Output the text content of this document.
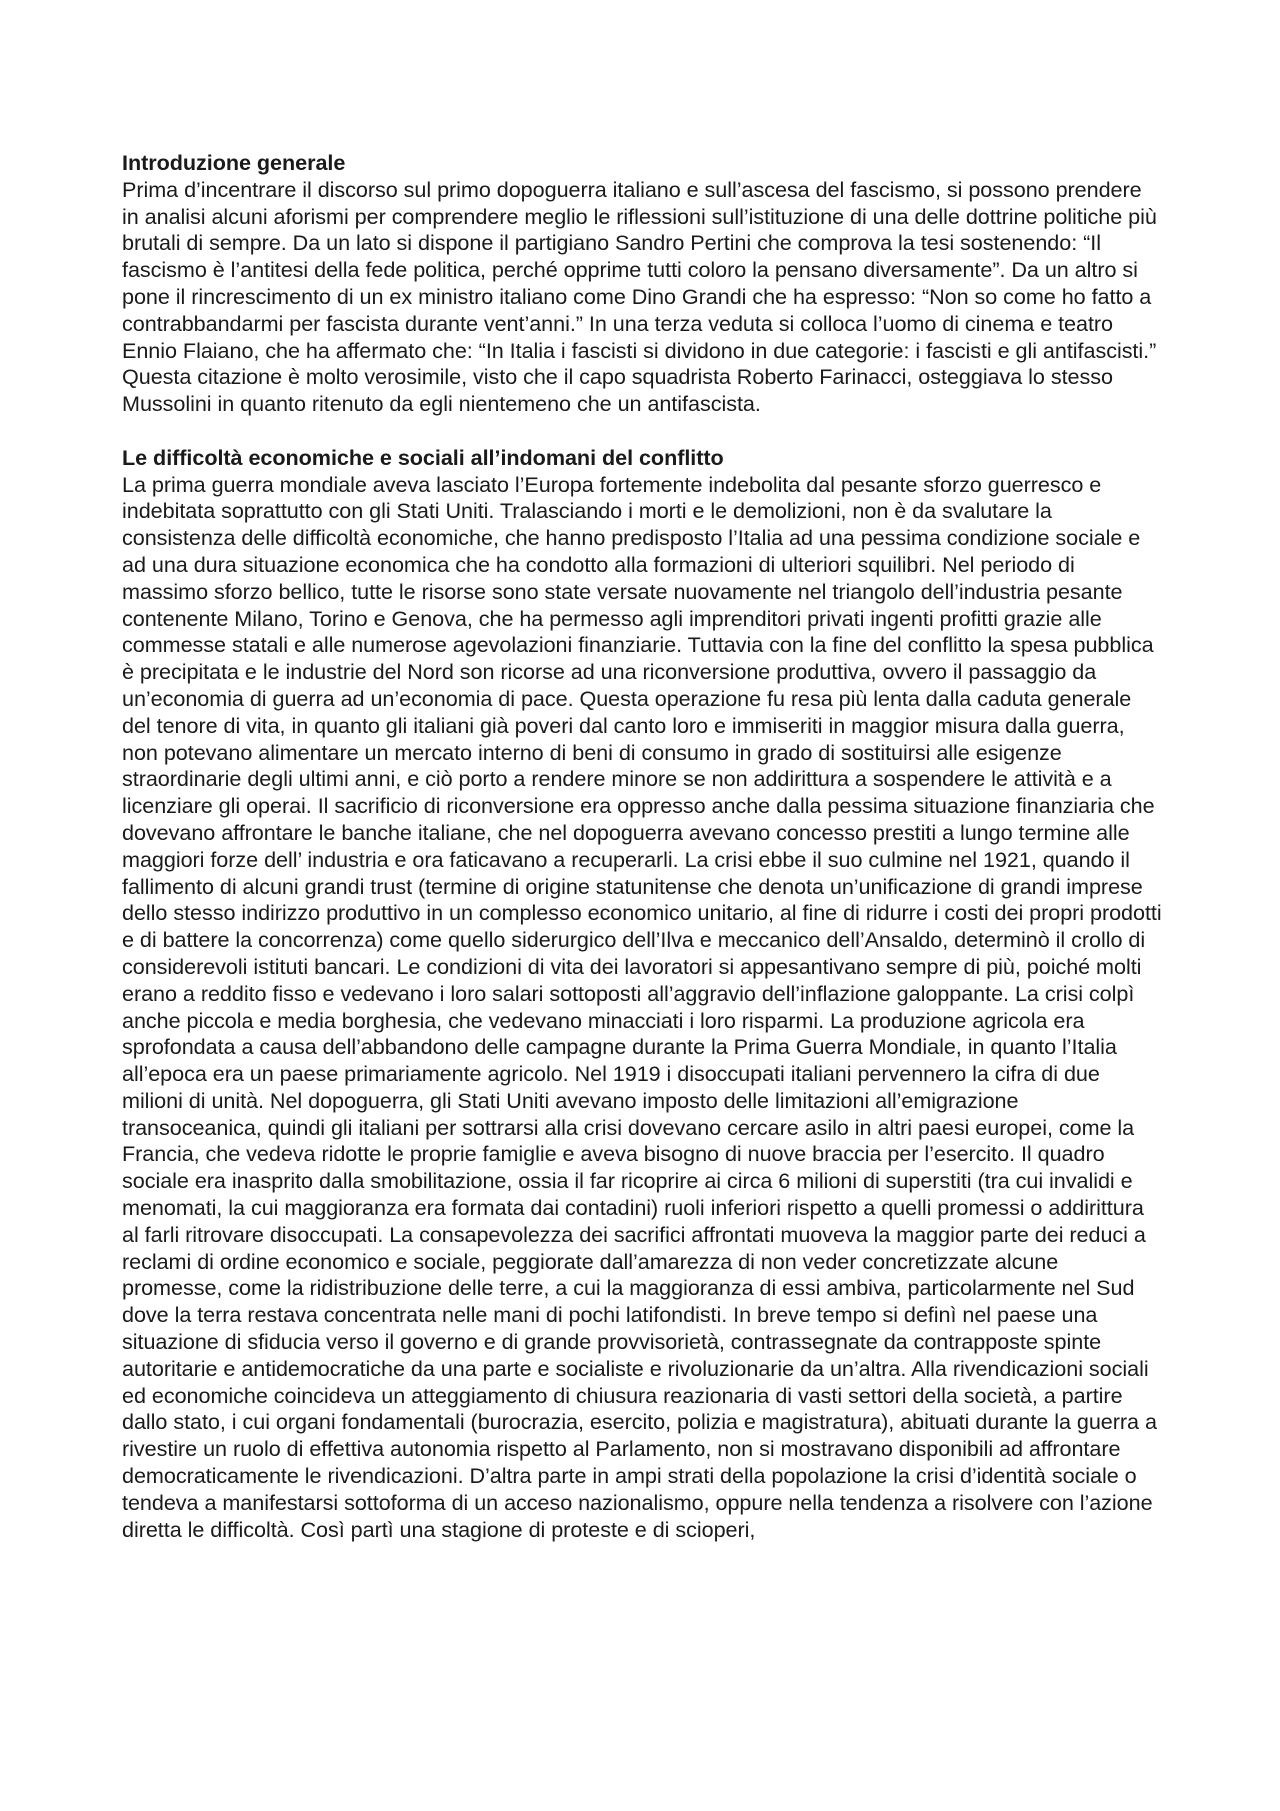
Introduzione generale

Prima d’incentrare il discorso sul primo dopoguerra italiano e sull’ascesa del fascismo, si possono prendere in analisi alcuni aforismi per comprendere meglio le riflessioni sull’istituzione di una delle dottrine politiche più brutali di sempre. Da un lato si dispone il partigiano Sandro Pertini che comprova la tesi sostenendo: “Il fascismo è l’antitesi della fede politica, perché opprime tutti coloro la pensano diversamente”. Da un altro si pone il rincrescimento di un ex ministro italiano come Dino Grandi che ha espresso: “Non so come ho fatto a contrabbandarmi per fascista durante vent’anni.” In una terza veduta si colloca l’uomo di cinema e teatro Ennio Flaiano, che ha affermato che: “In Italia i fascisti si dividono in due categorie: i fascisti e gli antifascisti.” Questa citazione è molto verosimile, visto che il capo squadrista Roberto Farinacci, osteggiava lo stesso Mussolini in quanto ritenuto da egli nientemeno che un antifascista.

Le difficoltà economiche e sociali all’indomani del conflitto

La prima guerra mondiale aveva lasciato l’Europa fortemente indebolita dal pesante sforzo guerresco e indebitata soprattutto con gli Stati Uniti. Tralasciando i morti e le demolizioni, non è da svalutare la consistenza delle difficoltà economiche, che hanno predisposto l’Italia ad una pessima condizione sociale e ad una dura situazione economica che ha condotto alla formazioni di ulteriori squilibri. Nel periodo di massimo sforzo bellico, tutte le risorse sono state versate nuovamente nel triangolo dell’industria pesante contenente Milano, Torino e Genova, che ha permesso agli imprenditori privati ingenti profitti grazie alle commesse statali e alle numerose agevolazioni finanziarie. Tuttavia con la fine del conflitto la spesa pubblica è precipitata e le industrie del Nord son ricorse ad una riconversione produttiva, ovvero il passaggio da un’economia di guerra ad un’economia di pace. Questa operazione fu resa più lenta dalla caduta generale del tenore di vita, in quanto gli italiani già poveri dal canto loro e immiseriti in maggior misura dalla guerra, non potevano alimentare un mercato interno di beni di consumo in grado di sostituirsi alle esigenze straordinarie degli ultimi anni, e ciò porto a rendere minore se non addirittura a sospendere le attività e a licenziare gli operai. Il sacrificio di riconversione era oppresso anche dalla pessima situazione finanziaria che dovevano affrontare le banche italiane, che nel dopoguerra avevano concesso prestiti a lungo termine alle maggiori forze dell’ industria e ora faticavano a recuperarli. La crisi ebbe il suo culmine nel 1921, quando il fallimento di alcuni grandi trust (termine di origine statunitense che denota un’unificazione di grandi imprese dello stesso indirizzo produttivo in un complesso economico unitario, al fine di ridurre i costi dei propri prodotti e di battere la concorrenza) come quello siderurgico dell’Ilva e meccanico dell’Ansaldo, determinò il crollo di considerevoli istituti bancari. Le condizioni di vita dei lavoratori si appesantivano sempre di più, poiché molti erano a reddito fisso e vedevano i loro salari sottoposti all’aggravio dell’inflazione galoppante. La crisi colpì anche piccola e media borghesia, che vedevano minacciati i loro risparmi. La produzione agricola era sprofondata a causa dell’abbandono delle campagne durante la Prima Guerra Mondiale, in quanto l’Italia all’epoca era un paese primariamente agricolo. Nel 1919 i disoccupati italiani pervennero la cifra di due milioni di unità. Nel dopoguerra, gli Stati Uniti avevano imposto delle limitazioni all’emigrazione transoceanica, quindi gli italiani per sottrarsi alla crisi dovevano cercare asilo in altri paesi europei, come la Francia, che vedeva ridotte le proprie famiglie e aveva bisogno di nuove braccia per l’esercito. Il quadro sociale era inasprito dalla smobilitazione, ossia il far ricoprire ai circa 6 milioni di superstiti (tra cui invalidi e menomati, la cui maggioranza era formata dai contadini) ruoli inferiori rispetto a quelli promessi o addirittura al farli ritrovare disoccupati. La consapevolezza dei sacrifici affrontati muoveva la maggior parte dei reduci a reclami di ordine economico e sociale, peggiorate dall’amarezza di non veder concretizzate alcune promesse, come la ridistribuzione delle terre, a cui la maggioranza di essi ambiva, particolarmente nel Sud dove la terra restava concentrata nelle mani di pochi latifondisti. In breve tempo si definì nel paese una situazione di sfiducia verso il governo e di grande provvisorietà, contrassegnate da contrapposte spinte autoritarie e antidemocratiche da una parte e socialiste e rivoluzionarie da un’altra. Alla rivendicazioni sociali ed economiche coincideva un atteggiamento di chiusura reazionaria di vasti settori della società, a partire dallo stato, i cui organi fondamentali (burocrazia, esercito, polizia e magistratura), abituati durante la guerra a rivestire un ruolo di effettiva autonomia rispetto al Parlamento, non si mostravano disponibili ad affrontare democraticamente le rivendicazioni. D’altra parte in ampi strati della popolazione la crisi d’identità sociale o tendeva a manifestarsi sottoforma di un acceso nazionalismo, oppure nella tendenza a risolvere con l’azione diretta le difficoltà. Così partì una stagione di proteste e di scioperi,
